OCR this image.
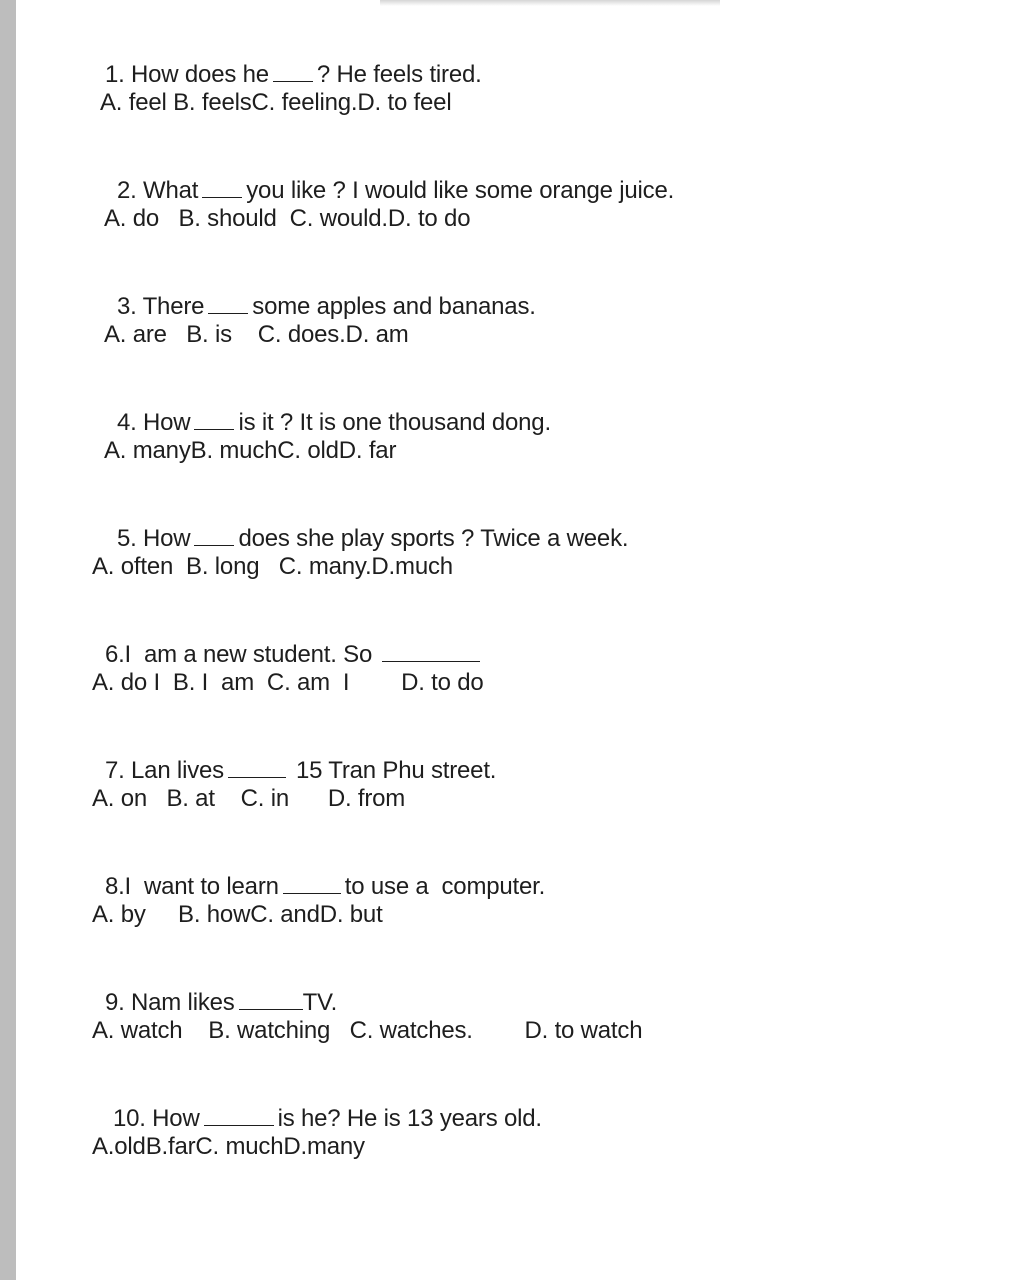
1. How does he ? He feels tired.

A. feel B. feelsC. feeling.D. to feel

2. What you like ? I would like some orange juice.

A. do   B. should  C. would.D. to do

3. There some apples and bananas.

A. are   B. is    C. does.D. am

4. How is it ? It is one thousand dong.

A. manyB. muchC. oldD. far

5. How does she play sports ? Twice a week.

A. often  B. long   C. many.D.much

6.I  am a new student. So

A. do I  B. I  am  C. am  I        D. to do

7. Lan lives	15 Tran Phu street.

A. on   B. at    C. in      D. from

8.I  want to learn	to use a  computer.

A. by     B. howC. andD. but

9. Nam likes	TV.

A. watch    B. watching   C. watches.        D. to watch

10. How	is he? He is 13 years old.

A.oldB.farC. muchD.many
